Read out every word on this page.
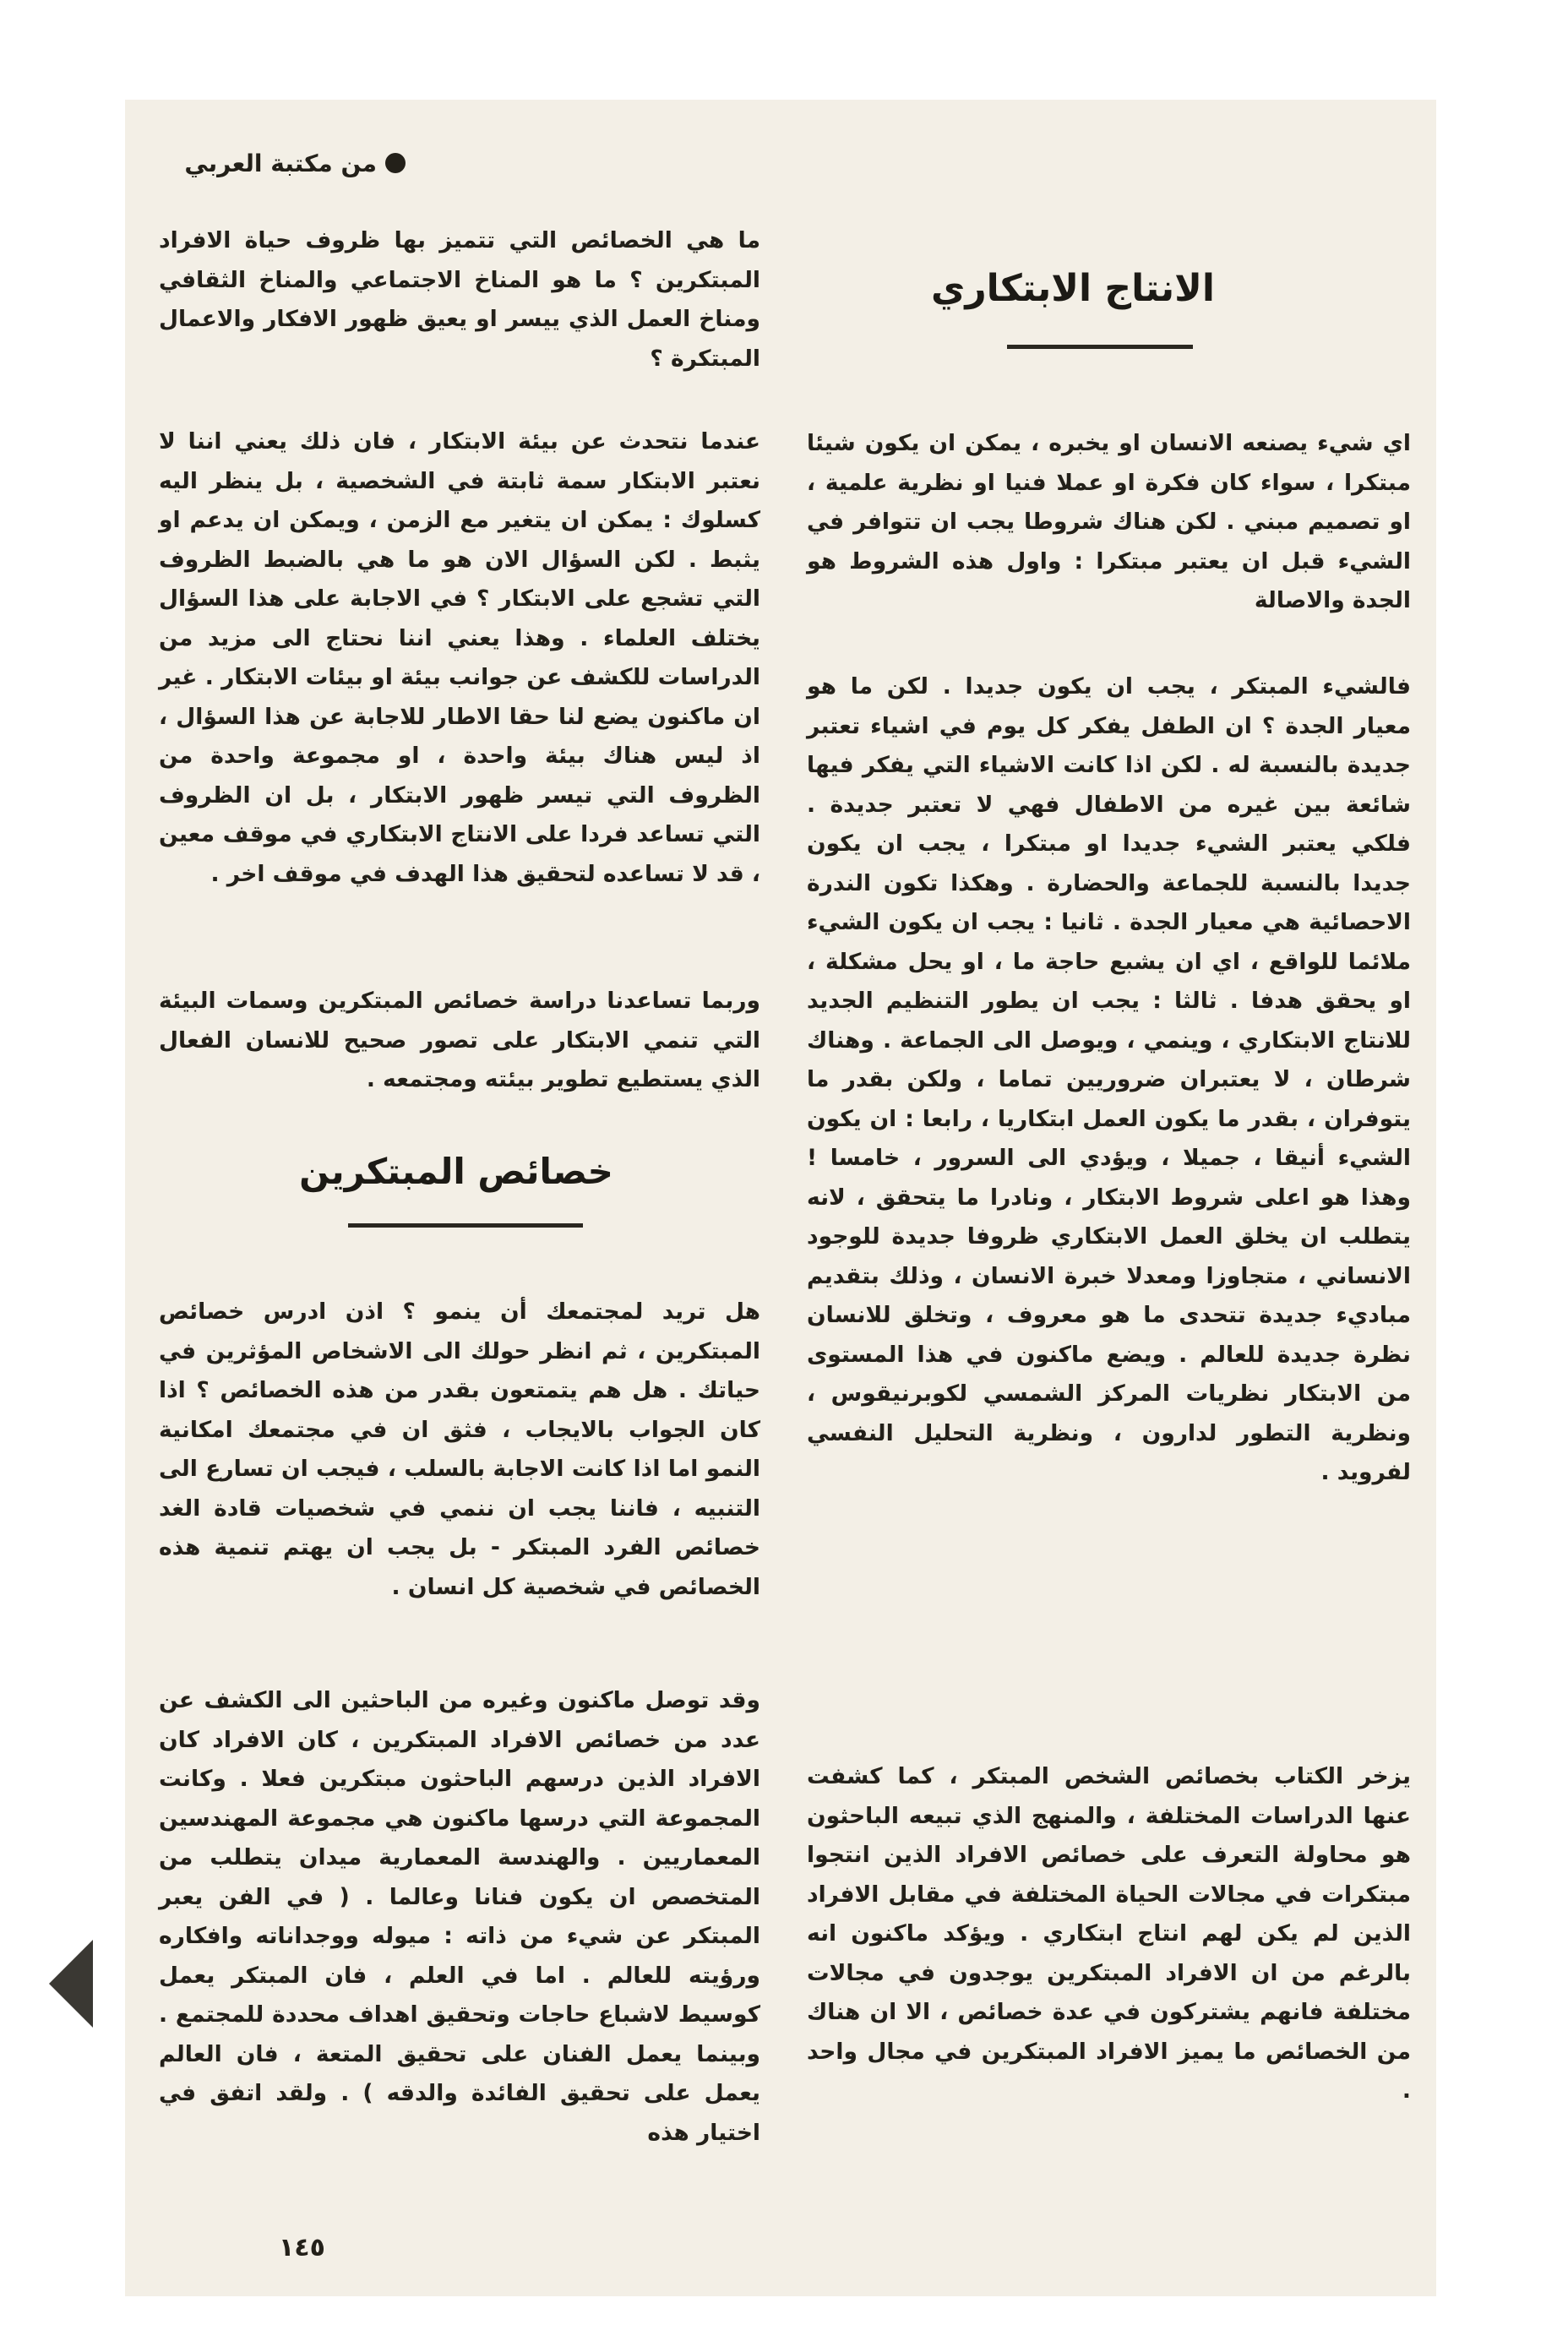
من مكتبة العربي
الانتاج الابتكاري

اي شيء يصنعه الانسان او يخبره ، يمكن ان يكون شيئا مبتكرا ، سواء كان فكرة او عملا فنيا او نظرية علمية ، او تصميم مبني . لكن هناك شروطا يجب ان تتوافر في الشيء قبل ان يعتبر مبتكرا : واول هذه الشروط هو الجدة والاصالة

فالشيء المبتكر ، يجب ان يكون جديدا . لكن ما هو معيار الجدة ؟ ان الطفل يفكر كل يوم في اشياء تعتبر جديدة بالنسبة له . لكن اذا كانت الاشياء التي يفكر فيها شائعة بين غيره من الاطفال فهي لا تعتبر جديدة . فلكي يعتبر الشيء جديدا او مبتكرا ، يجب ان يكون جديدا بالنسبة للجماعة والحضارة . وهكذا تكون الندرة الاحصائية هي معيار الجدة . ثانيا : يجب ان يكون الشيء ملائما للواقع ، اي ان يشبع حاجة ما ، او يحل مشكلة ، او يحقق هدفا . ثالثا : يجب ان يطور التنظيم الجديد للانتاج الابتكاري ، وينمي ، ويوصل الى الجماعة . وهناك شرطان ، لا يعتبران ضروريين تماما ، ولكن بقدر ما يتوفران ، بقدر ما يكون العمل ابتكاريا ، رابعا : ان يكون الشيء أنيقا ، جميلا ، ويؤدي الى السرور ، خامسا ! وهذا هو اعلى شروط الابتكار ، ونادرا ما يتحقق ، لانه يتطلب ان يخلق العمل الابتكاري ظروفا جديدة للوجود الانساني ، متجاوزا ومعدلا خبرة الانسان ، وذلك بتقديم مباديء جديدة تتحدى ما هو معروف ، وتخلق للانسان نظرة جديدة للعالم . ويضع ماكنون في هذا المستوى من الابتكار نظريات المركز الشمسي لكوبرنيقوس ، ونظرية التطور لدارون ، ونظرية التحليل النفسي لفرويد .

يزخر الكتاب بخصائص الشخص المبتكر ، كما كشفت عنها الدراسات المختلفة ، والمنهج الذي تبيعه الباحثون هو محاولة التعرف على خصائص الافراد الذين انتجوا مبتكرات في مجالات الحياة المختلفة في مقابل الافراد الذين لم يكن لهم انتاج ابتكاري . ويؤكد ماكنون انه بالرغم من ان الافراد المبتكرين يوجدون في مجالات مختلفة فانهم يشتركون في عدة خصائص ، الا ان هناك من الخصائص ما يميز الافراد المبتكرين في مجال واحد .

ما هي الخصائص التي تتميز بها ظروف حياة الافراد المبتكرين ؟ ما هو المناخ الاجتماعي والمناخ الثقافي ومناخ العمل الذي ييسر او يعيق ظهور الافكار والاعمال المبتكرة ؟

عندما نتحدث عن بيئة الابتكار ، فان ذلك يعني اننا لا نعتبر الابتكار سمة ثابتة في الشخصية ، بل ينظر اليه كسلوك : يمكن ان يتغير مع الزمن ، ويمكن ان يدعم او يثبط . لكن السؤال الان هو ما هي بالضبط الظروف التي تشجع على الابتكار ؟ في الاجابة على هذا السؤال يختلف العلماء . وهذا يعني اننا نحتاج الى مزيد من الدراسات للكشف عن جوانب بيئة او بيئات الابتكار . غير ان ماكنون يضع لنا حقا الاطار للاجابة عن هذا السؤال ، اذ ليس هناك بيئة واحدة ، او مجموعة واحدة من الظروف التي تيسر ظهور الابتكار ، بل ان الظروف التي تساعد فردا على الانتاج الابتكاري في موقف معين ، قد لا تساعده لتحقيق هذا الهدف في موقف اخر .

وربما تساعدنا دراسة خصائص المبتكرين وسمات البيئة التي تنمي الابتكار على تصور صحيح للانسان الفعال الذي يستطيع تطوير بيئته ومجتمعه .

خصائص المبتكرين

هل تريد لمجتمعك أن ينمو ؟ اذن ادرس خصائص المبتكرين ، ثم انظر حولك الى الاشخاص المؤثرين في حياتك . هل هم يتمتعون بقدر من هذه الخصائص ؟ اذا كان الجواب بالايجاب ، فثق ان في مجتمعك امكانية النمو اما اذا كانت الاجابة بالسلب ، فيجب ان تسارع الى التنبيه ، فاننا يجب ان ننمي في شخصيات قادة الغد خصائص الفرد المبتكر - بل يجب ان يهتم تنمية هذه الخصائص في شخصية كل انسان .

وقد توصل ماكنون وغيره من الباحثين الى الكشف عن عدد من خصائص الافراد المبتكرين ، كان الافراد كان الافراد الذين درسهم الباحثون مبتكرين فعلا . وكانت المجموعة التي درسها ماكنون هي مجموعة المهندسين المعماريين . والهندسة المعمارية ميدان يتطلب من المتخصص ان يكون فنانا وعالما . ( في الفن يعبر المبتكر عن شيء من ذاته : ميوله ووجداناته وافكاره ورؤيته للعالم . اما في العلم ، فان المبتكر يعمل كوسيط لاشباع حاجات وتحقيق اهداف محددة للمجتمع . وبينما يعمل الفنان على تحقيق المتعة ، فان العالم يعمل على تحقيق الفائدة والدقه ) . ولقد اتفق في اختيار هذه

١٤٥
